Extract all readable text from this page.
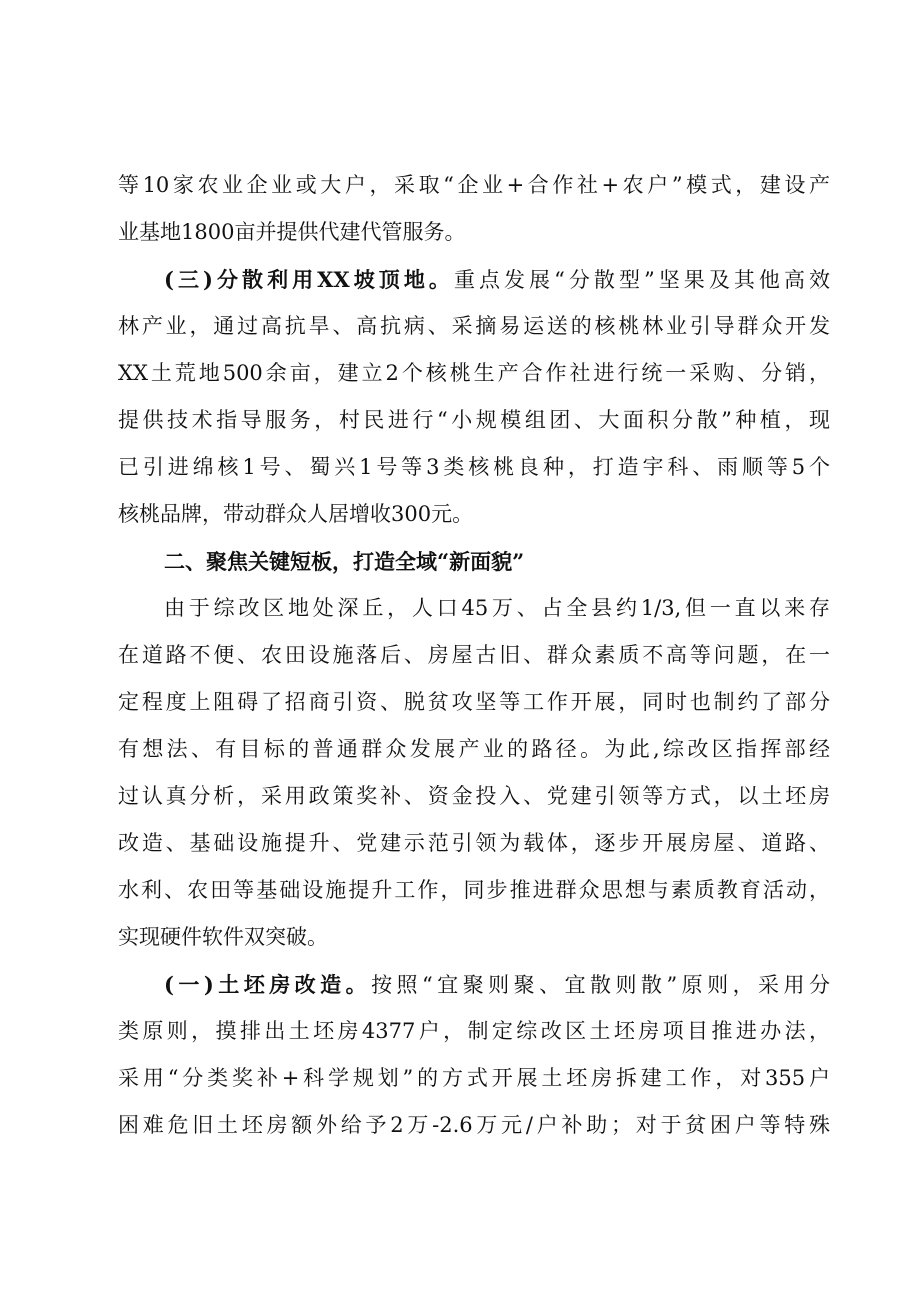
等10家农业企业或大户，采取“企业+合作社+农户”模式，建设产
业基地1800亩并提供代建代管服务。
(三)分散利用XX坡顶地。重点发展“分散型”坚果及其他高效
林产业，通过高抗旱、高抗病、采摘易运送的核桃林业引导群众开发
XX土荒地500余亩，建立2个核桃生产合作社进行统一采购、分销，
提供技术指导服务，村民进行“小规模组团、大面积分散”种植，现
已引进绵核1号、蜀兴1号等3类核桃良种，打造宇科、雨顺等5个
核桃品牌，带动群众人居增收300元。
二、聚焦关键短板，打造全域“新面貌”
由于综改区地处深丘，人口45万、占全县约1/3,但一直以来存
在道路不便、农田设施落后、房屋古旧、群众素质不高等问题，在一
定程度上阻碍了招商引资、脱贫攻坚等工作开展，同时也制约了部分
有想法、有目标的普通群众发展产业的路径。为此,综改区指挥部经
过认真分析，采用政策奖补、资金投入、党建引领等方式，以土坯房
改造、基础设施提升、党建示范引领为载体，逐步开展房屋、道路、
水利、农田等基础设施提升工作，同步推进群众思想与素质教育活动，
实现硬件软件双突破。
(一)土坯房改造。按照“宜聚则聚、宜散则散”原则，采用分
类原则，摸排出土坯房4377户，制定综改区土坯房项目推进办法，
采用“分类奖补+科学规划”的方式开展土坯房拆建工作，对355户
困难危旧土坯房额外给予2万-2.6万元/户补助；对于贫困户等特殊
